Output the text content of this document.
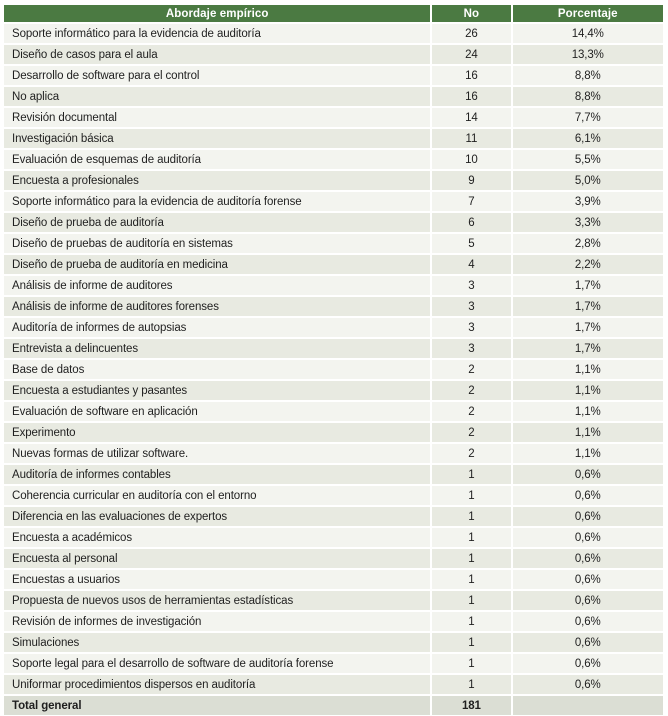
Abordaje empírico	No	Porcentaje
Soporte informático para la evidencia de auditoría	26	14,4%
Diseño de casos para el aula	24	13,3%
Desarrollo de software para el control	16	8,8%
No aplica	16	8,8%
Revisión documental	14	7,7%
Investigación básica	11	6,1%
Evaluación de esquemas de auditoría	10	5,5%
Encuesta a profesionales	9	5,0%
Soporte informático para la evidencia de auditoría forense	7	3,9%
Diseño de prueba de auditoría	6	3,3%
Diseño de pruebas de auditoría en sistemas	5	2,8%
Diseño de prueba de auditoría en medicina	4	2,2%
Análisis de informe de auditores	3	1,7%
Análisis de informe de auditores forenses	3	1,7%
Auditoría de informes de autopsias	3	1,7%
Entrevista a delincuentes	3	1,7%
Base de datos	2	1,1%
Encuesta a estudiantes y pasantes	2	1,1%
Evaluación de software en aplicación	2	1,1%
Experimento	2	1,1%
Nuevas formas de utilizar software.	2	1,1%
Auditoría de informes contables	1	0,6%
Coherencia curricular en auditoría con el entorno	1	0,6%
Diferencia en las evaluaciones de expertos	1	0,6%
Encuesta a académicos	1	0,6%
Encuesta al personal	1	0,6%
Encuestas a usuarios	1	0,6%
Propuesta de nuevos usos de herramientas estadísticas	1	0,6%
Revisión de informes de investigación	1	0,6%
Simulaciones	1	0,6%
Soporte legal para el desarrollo de software de auditoría forense	1	0,6%
Uniformar procedimientos dispersos en auditoría	1	0,6%
Total general	181	
